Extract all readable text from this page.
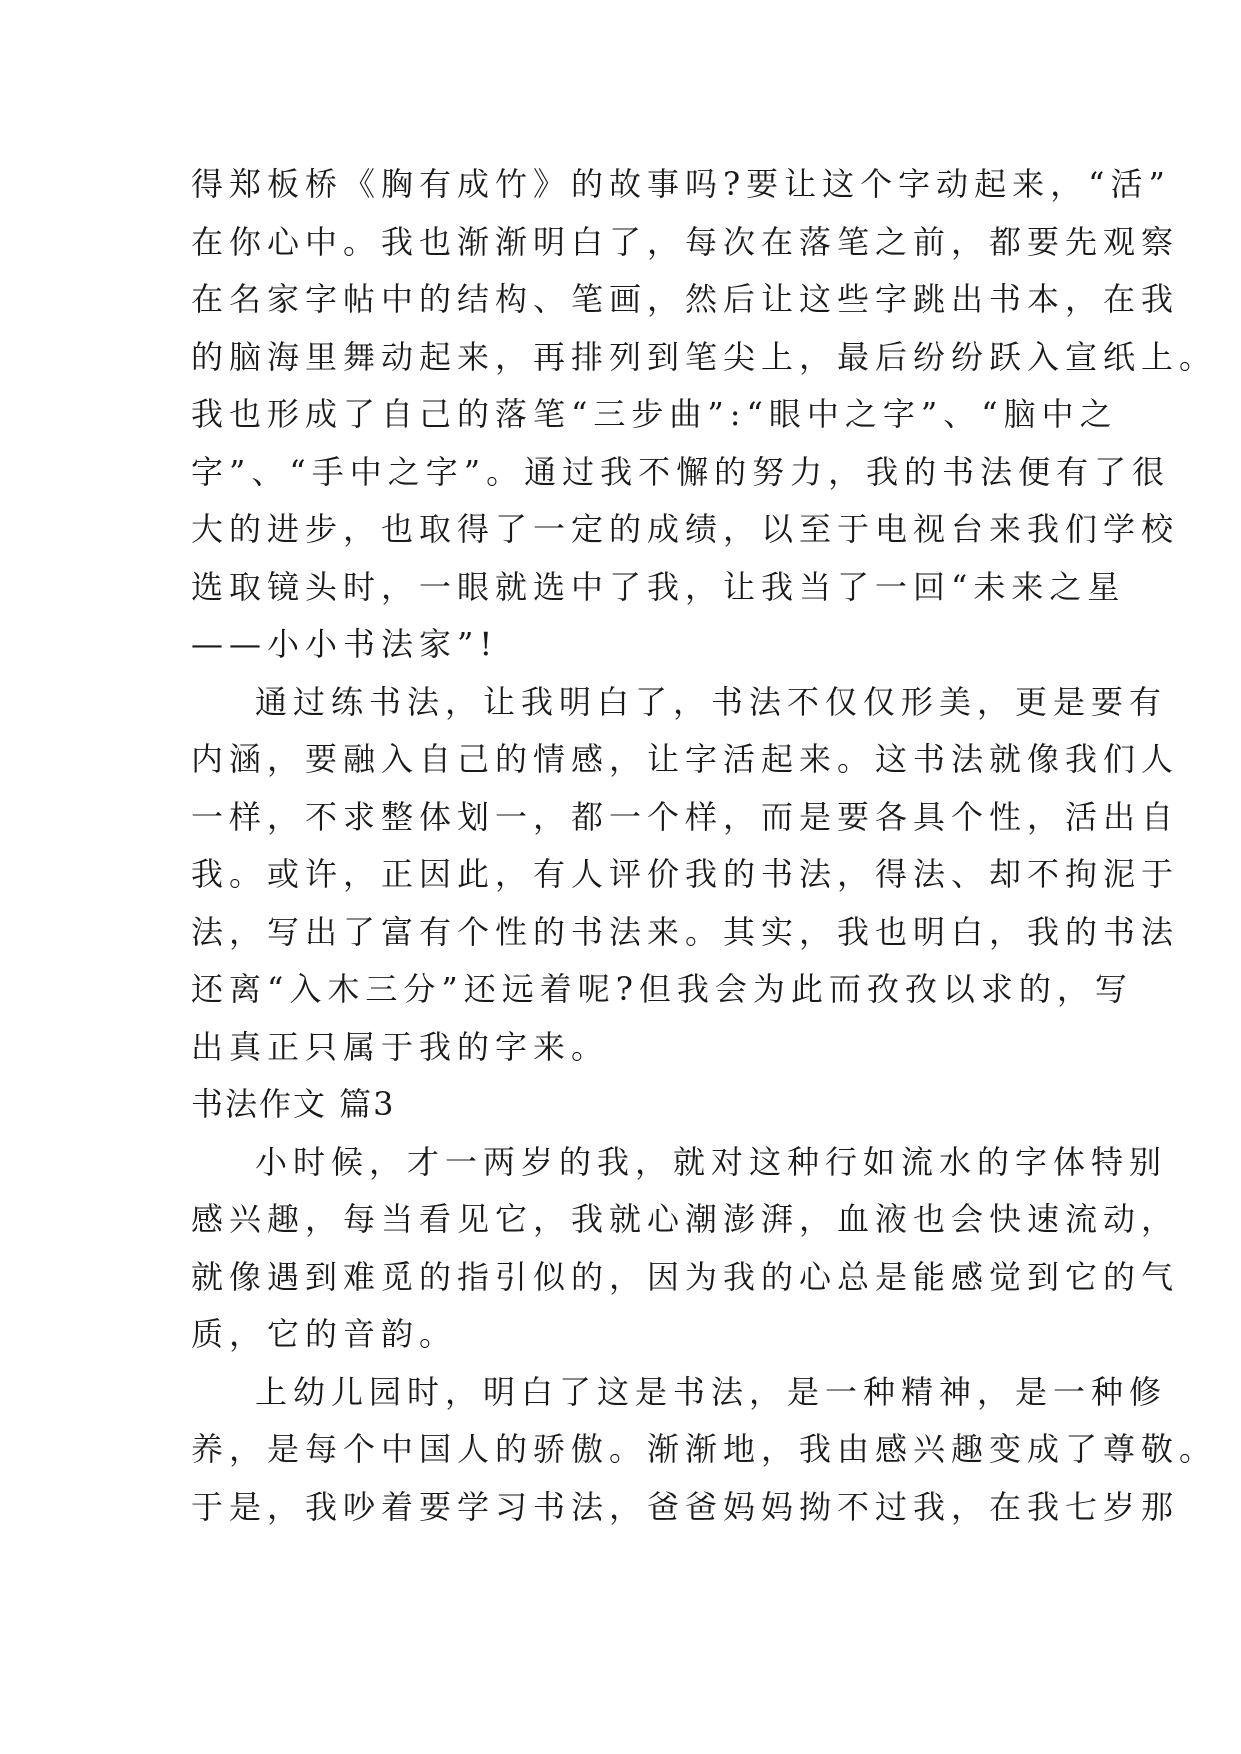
得郑板桥《胸有成竹》的故事吗?要让这个字动起来，“活”
在你心中。我也渐渐明白了，每次在落笔之前，都要先观察
在名家字帖中的结构、笔画，然后让这些字跳出书本，在我
的脑海里舞动起来，再排列到笔尖上，最后纷纷跃入宣纸上。
我也形成了自己的落笔“三步曲”:“眼中之字”、“脑中之
字”、“手中之字”。通过我不懈的努力，我的书法便有了很
大的进步，也取得了一定的成绩，以至于电视台来我们学校
选取镜头时，一眼就选中了我，让我当了一回“未来之星
——小小书法家”!
通过练书法，让我明白了，书法不仅仅形美，更是要有
内涵，要融入自己的情感，让字活起来。这书法就像我们人
一样，不求整体划一，都一个样，而是要各具个性，活出自
我。或许，正因此，有人评价我的书法，得法、却不拘泥于
法，写出了富有个性的书法来。其实，我也明白，我的书法
还离“入木三分”还远着呢?但我会为此而孜孜以求的，写
出真正只属于我的字来。
书法作文 篇3
小时候，才一两岁的我，就对这种行如流水的字体特别
感兴趣，每当看见它，我就心潮澎湃，血液也会快速流动，
就像遇到难觅的指引似的，因为我的心总是能感觉到它的气
质，它的音韵。
上幼儿园时，明白了这是书法，是一种精神，是一种修
养，是每个中国人的骄傲。渐渐地，我由感兴趣变成了尊敬。
于是，我吵着要学习书法，爸爸妈妈拗不过我，在我七岁那
